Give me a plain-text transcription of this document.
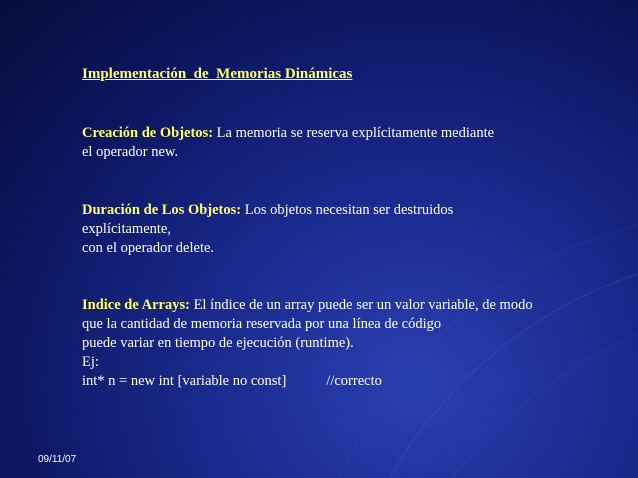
Implementación  de  Memorias Dinámicas
Creación de Objetos: La memoria se reserva explícitamente mediante
el operador new.
Duración de Los Objetos: Los objetos necesitan ser destruidos
explícitamente,
con el operador delete.
Indice de Arrays: El índice de un array puede ser un valor variable, de modo
que la cantidad de memoria reservada por una línea de código
puede variar en tiempo de ejecución (runtime).
Ej:
int* n = new int [variable no const]	//correcto
09/11/07
